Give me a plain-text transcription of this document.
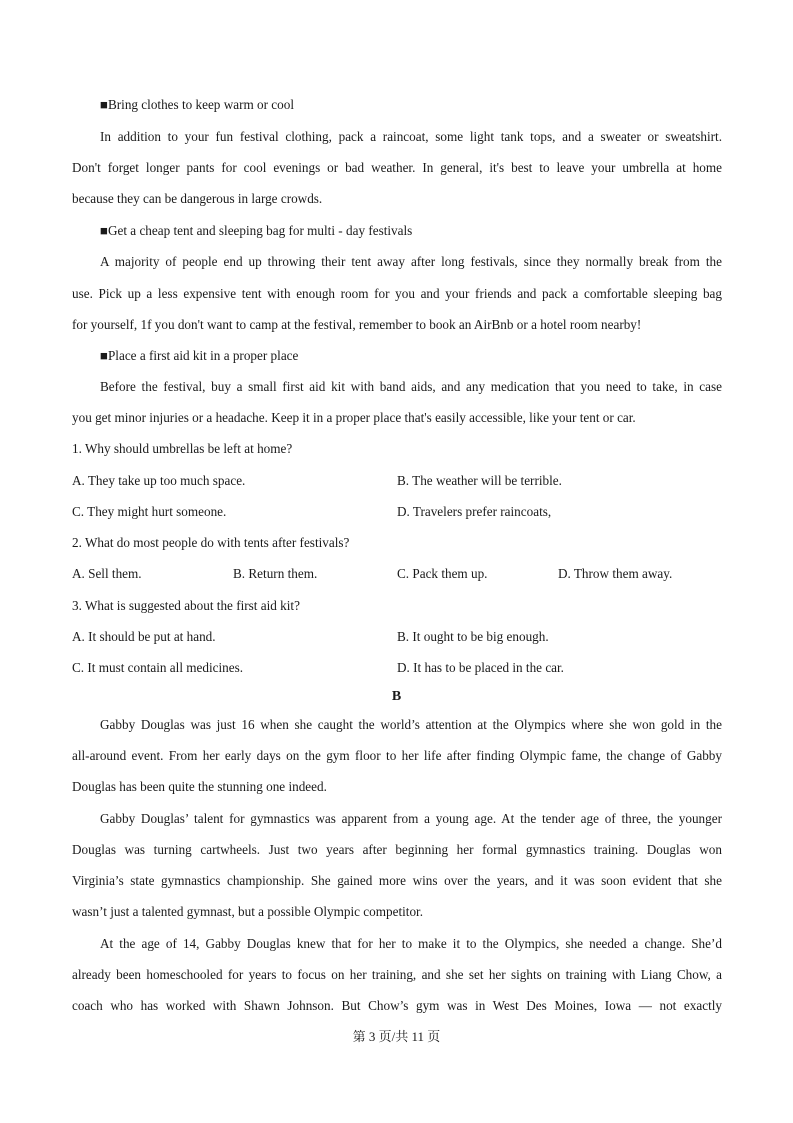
■Bring clothes to keep warm or cool
In addition to your fun festival clothing, pack a raincoat, some light tank tops, and a sweater or sweatshirt.
Don't forget longer pants for cool evenings or bad weather. In general, it's best to leave your umbrella at home
because they can be dangerous in large crowds.
■Get a cheap tent and sleeping bag for multi - day festivals
A majority of people end up throwing their tent away after long festivals, since they normally break from the
use. Pick up a less expensive tent with enough room for you and your friends and pack a comfortable sleeping bag
for yourself, 1f you don't want to camp at the festival, remember to book an AirBnb or a hotel room nearby!
■Place a first aid kit in a proper place
Before the festival, buy a small first aid kit with band aids, and any medication that you need to take, in case
you get minor injuries or a headache. Keep it in a proper place that's easily accessible, like your tent or car.
1. Why should umbrellas be left at home?
A. They take up too much space.	B. The weather will be terrible.
C. They might hurt someone.	D. Travelers prefer raincoats,
2. What do most people do with tents after festivals?
A. Sell them.	B. Return them.	C. Pack them up.	D. Throw them away.
3. What is suggested about the first aid kit?
A. It should be put at hand.	B. It ought to be big enough.
C. It must contain all medicines.	D. It has to be placed in the car.
B
Gabby Douglas was just 16 when she caught the world’s attention at the Olympics where she won gold in the
all-around event. From her early days on the gym floor to her life after finding Olympic fame, the change of Gabby
Douglas has been quite the stunning one indeed.
Gabby Douglas’ talent for gymnastics was apparent from a young age. At the tender age of three, the younger
Douglas was turning cartwheels. Just two years after beginning her formal gymnastics training. Douglas won
Virginia’s state gymnastics championship. She gained more wins over the years, and it was soon evident that she
wasn’t just a talented gymnast, but a possible Olympic competitor.
At the age of 14, Gabby Douglas knew that for her to make it to the Olympics, she needed a change. She’d
already been homeschooled for years to focus on her training, and she set her sights on training with Liang Chow, a
coach who has worked with Shawn Johnson. But Chow’s gym was in West Des Moines, Iowa — not exactly
第 3 页/共 11 页
